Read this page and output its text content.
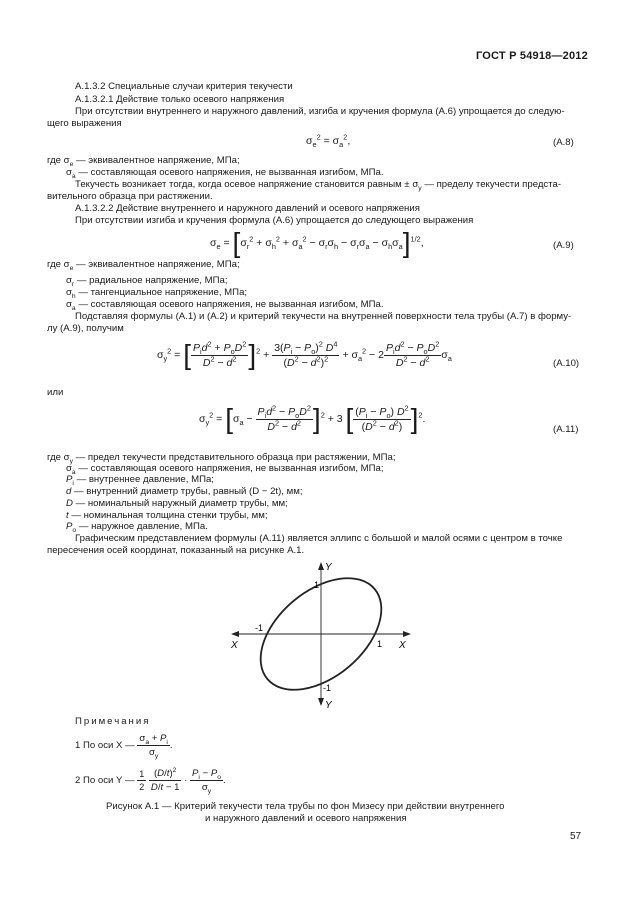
ГОСТ Р 54918—2012
А.1.3.2 Специальные случаи критерия текучести
А.1.3.2.1 Действие только осевого напряжения
При отсутствии внутреннего и наружного давлений, изгиба и кручения формула (А.6) упрощается до следую-
щего выражения
$\sigma_e^2 = \sigma_a^2$,	(А.8)
где $\sigma_e$ — эквивалентное напряжение, МПа;
$\sigma_a$ — составляющая осевого напряжения, не вызванная изгибом, МПа.
Текучесть возникает тогда, когда осевое напряжение становится равным ± $\sigma_y$ — пределу текучести предста-
вительного образца при растяжении.
А.1.3.2.2 Действие внутреннего и наружного давлений и осевого напряжения
При отсутствии изгиба и кручения формула (А.6) упрощается до следующего выражения
$\sigma_e = [\sigma_r^2 + \sigma_h^2 + \sigma_a^2 - \sigma_r\sigma_h - \sigma_r\sigma_a - \sigma_h\sigma_a]^{1/2}$,	(А.9)
где $\sigma_e$ — эквивалентное напряжение, МПа;
$\sigma_r$ — радиальное напряжение, МПа;
$\sigma_h$ — тангенциальное напряжение, МПа;
$\sigma_a$ — составляющая осевого напряжения, не вызванная изгибом, МПа.
Подставляя формулы (А.1) и (А.2) и критерий текучести на внутренней поверхности тела трубы (А.7) в форму-
лу (А.9), получим
$\sigma_y^2$ = [ $\frac{P_id^2 + P_oD^2}{D^2 - d^2} ]^2 + \frac{3(P_i - P_o)^2 D^4}{(D^2 - d^2)^2} + \sigma_a^2 - 2 \frac{P_id^2 - P_oD^2}{D^2 - d^2} \sigma_a$	(А.10)
или
$\sigma_y^2 = [\sigma_a - \frac{P_id^2 - P_oD^2}{D^2 - d^2} ]^2 + 3$ [ $\frac{(P_i - P_o) D^2}{(D^2 - d^2)} ]^2$.
(А.11)
где $\sigma_y$ — предел текучести представительного образца при растяжении, МПа;
$\sigma_a$ — составляющая осевого напряжения, не вызванная изгибом, МПа;
$P_i$ — внутреннее давление, МПа;
d — внутренний диаметр трубы, равный (D − 2t), мм;
D — номинальный наружный диаметр трубы, мм;
t — номинальная толщина стенки трубы, мм;
$P_o$ — наружное давление, МПа.
Графическим представлением формулы (А.11) является эллипс с большой и малой осями с центром в точке
пересечения осей координат, показанный на рисунке А.1.
X	X
Y
Y
1
-1
1
-1
Примечания
1 По оси X — $\frac{\sigma_a + P_i}{\sigma_y}$ .
2 По оси Y — $\frac{1}{2}$
$\frac{(D/t)^2}{D/t - 1} \cdot \frac{P_i - P_o}{\sigma_y}$ .
Рисунок А.1 — Критерий текучести тела трубы по фон Мизесу при действии внутреннего
и наружного давлений и осевого напряжения
57
